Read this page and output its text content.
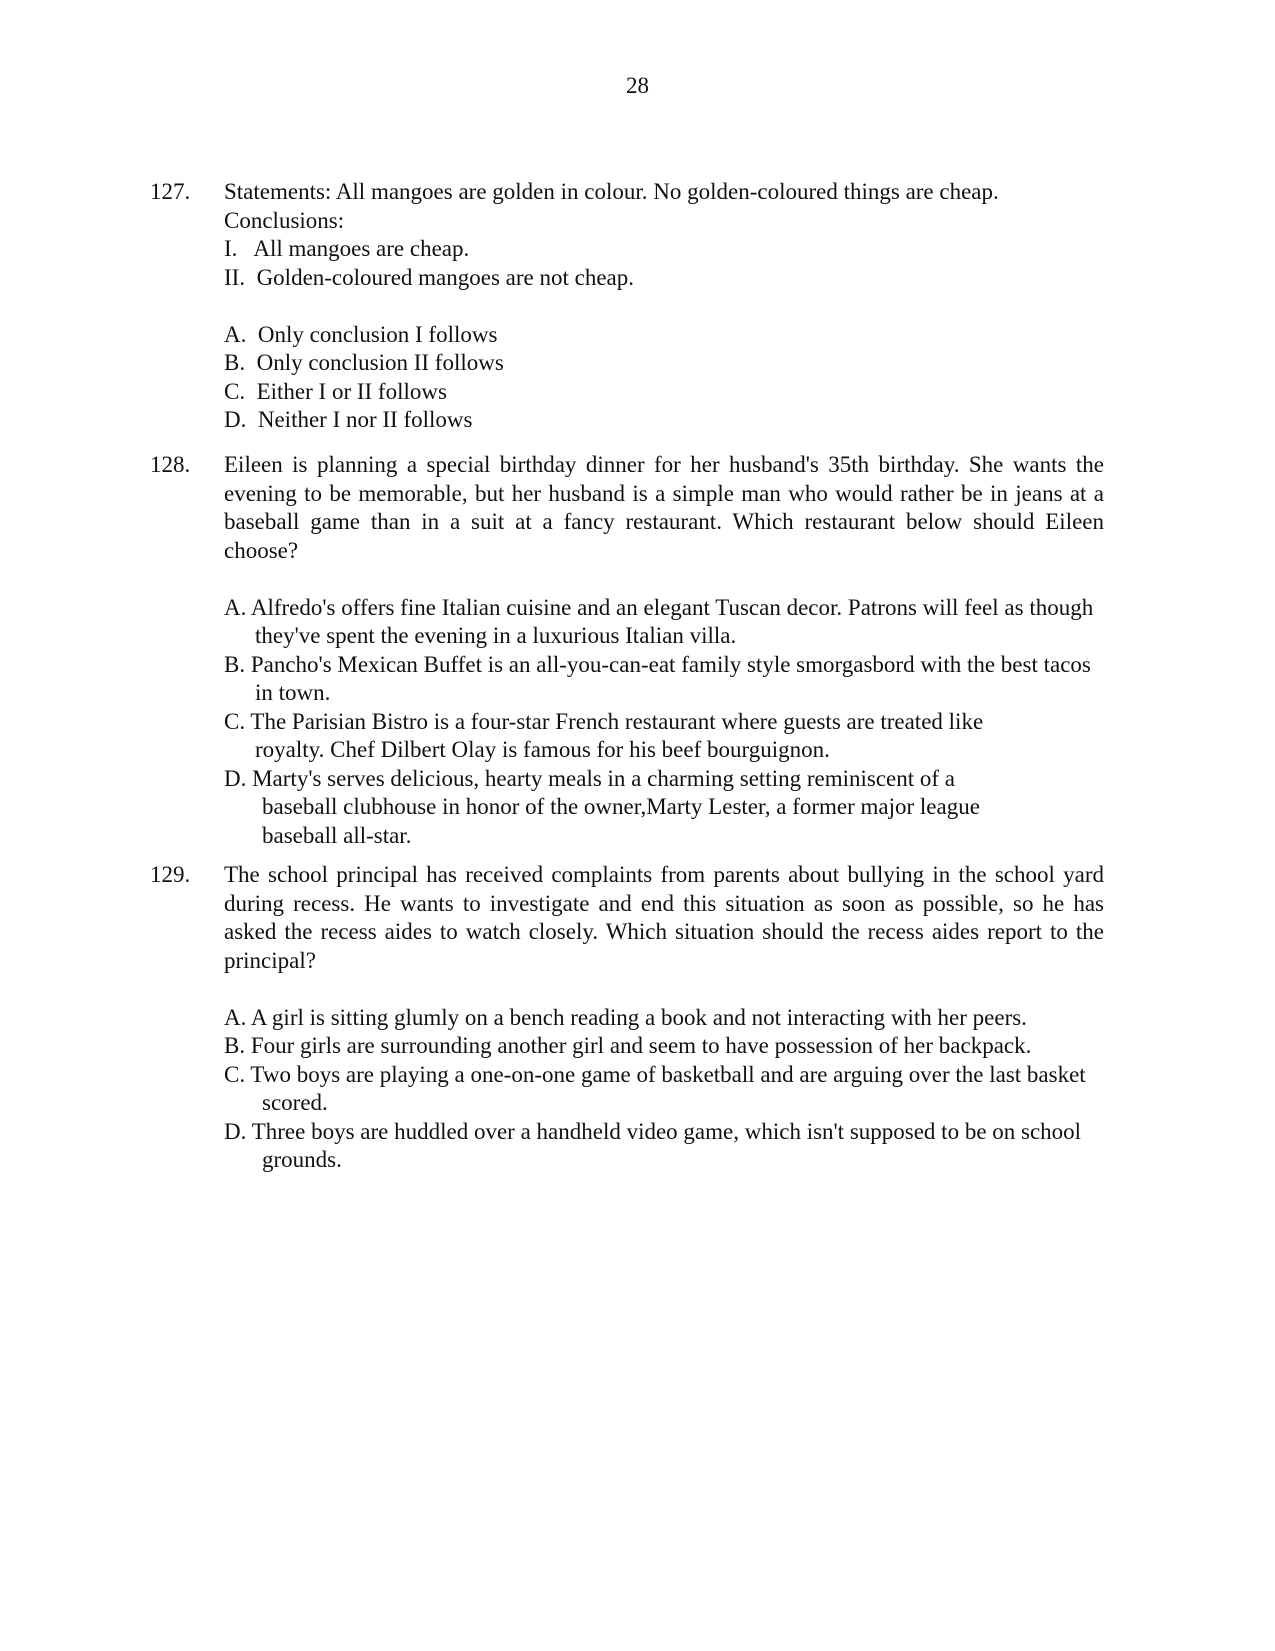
28
127.	Statements: All mangoes are golden in colour. No golden-coloured things are cheap.
Conclusions:
I.   All mangoes are cheap.
II.  Golden-coloured mangoes are not cheap.
A.  Only conclusion I follows
B.  Only conclusion II follows
C.  Either I or II follows
D.  Neither I nor II follows
128.	Eileen is planning a special birthday dinner for her husband's 35th birthday. She wants the evening to be memorable, but her husband is a simple man who would rather be in jeans at a baseball game than in a suit at a fancy restaurant. Which restaurant below should Eileen choose?
A. Alfredo's offers fine Italian cuisine and an elegant Tuscan decor. Patrons will feel as though they've spent the evening in a luxurious Italian villa.
B. Pancho's Mexican Buffet is an all-you-can-eat family style smorgasbord with the best tacos in town.
C. The Parisian Bistro is a four-star French restaurant where guests are treated like royalty. Chef Dilbert Olay is famous for his beef bourguignon.
D. Marty's serves delicious, hearty meals in a charming setting reminiscent of a baseball clubhouse in honor of the owner,Marty Lester, a former major league baseball all-star.
129.	The school principal has received complaints from parents about bullying in the school yard during recess. He wants to investigate and end this situation as soon as possible, so he has asked the recess aides to watch closely. Which situation should the recess aides report to the principal?
A. A girl is sitting glumly on a bench reading a book and not interacting with her peers.
B. Four girls are surrounding another girl and seem to have possession of her backpack.
C. Two boys are playing a one-on-one game of basketball and are arguing over the last basket scored.
D. Three boys are huddled over a handheld video game, which isn't supposed to be on school grounds.
